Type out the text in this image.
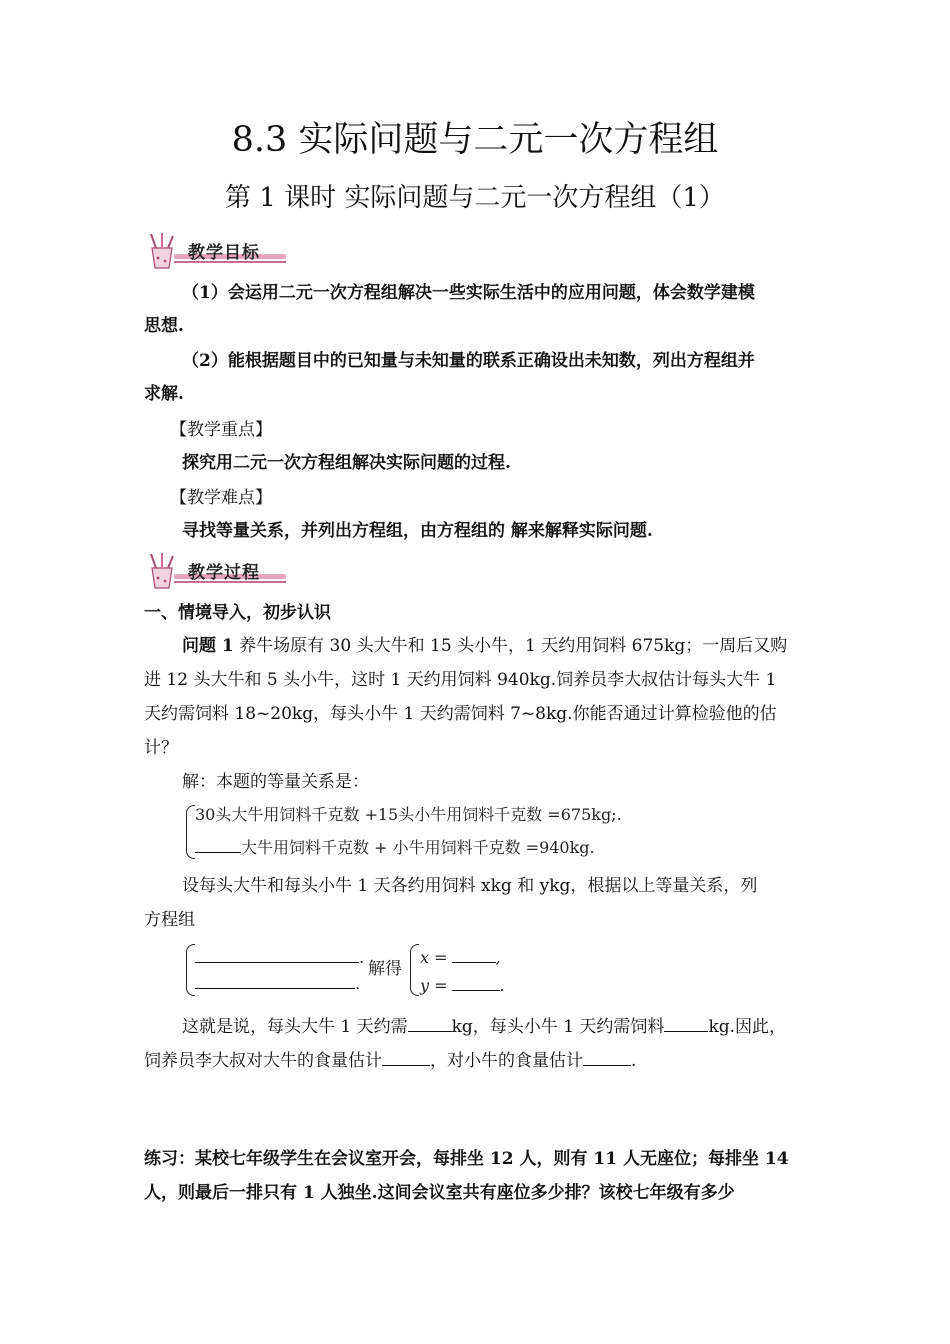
8.3 实际问题与二元一次方程组
第 1 课时 实际问题与二元一次方程组（1）
教学目标
（1）会运用二元一次方程组解决一些实际生活中的应用问题，体会数学建模
思想.
（2）能根据题目中的已知量与未知量的联系正确设出未知数，列出方程组并
求解.
【教学重点】
探究用二元一次方程组解决实际问题的过程.
【教学难点】
寻找等量关系，并列出方程组，由方程组的 解来解释实际问题.
教学过程
一、情境导入，初步认识
问题 1 养牛场原有 30 头大牛和 15 头小牛，1 天约用饲料 675kg；一周后又购
进 12 头大牛和 5 头小牛，这时 1 天约用饲料 940kg.饲养员李大叔估计每头大牛 1
天约需饲料 18~20kg，每头小牛 1 天约需饲料 7~8kg.你能否通过计算检验他的估
计？
解：本题的等量关系是：
30头大牛用饲料千克数 +15头小牛用饲料千克数 =675kg;.
大牛用饲料千克数 + 小牛用饲料千克数 =940kg.
设每头大牛和每头小牛 1 天各约用饲料 xkg 和 ykg，根据以上等量关系，列
方程组
.
.
解得
x =	,
y =	.
这就是说，每头大牛 1 天约需	kg，每头小牛 1 天约需饲料	kg.因此，
饲养员李大叔对大牛的食量估计	，对小牛的食量估计	.
练习：某校七年级学生在会议室开会，每排坐 12 人，则有 11 人无座位；每排坐 14
人，则最后一排只有 1 人独坐.这间会议室共有座位多少排？该校七年级有多少
